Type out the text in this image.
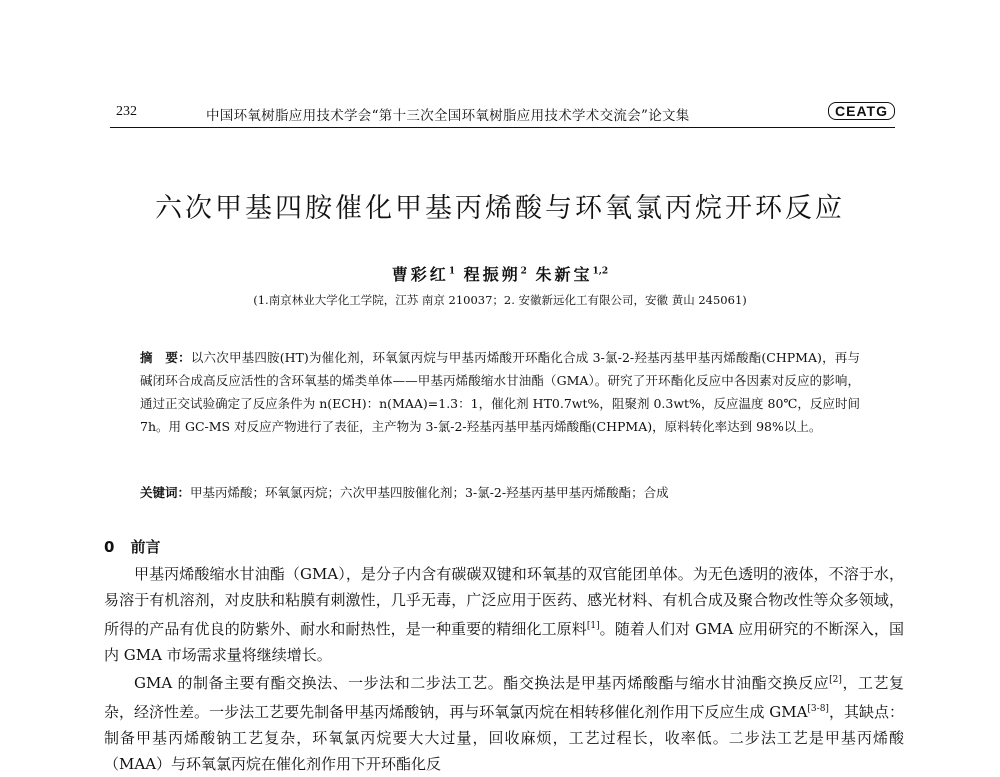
232	中国环氧树脂应用技术学会“第十三次全国环氧树脂应用技术学术交流会”论文集	CEATG
六次甲基四胺催化甲基丙烯酸与环氧氯丙烷开环反应
曹彩红$^1$ 程振朔$^2$ 朱新宝$^{1,2}$
(1.南京林业大学化工学院，江苏 南京 210037；2. 安徽新远化工有限公司，安徽 黄山 245061)
摘　要：以六次甲基四胺(HT)为催化剂，环氧氯丙烷与甲基丙烯酸开环酯化合成 3-氯-2-羟基丙基甲基丙烯酸酯(CHPMA)，再与碱闭环合成高反应活性的含环氧基的烯类单体——甲基丙烯酸缩水甘油酯（GMA）。研究了开环酯化反应中各因素对反应的影响，通过正交试验确定了反应条件为 n(ECH)：n(MAA)=1.3：1，催化剂 HT0.7wt%，阻聚剂 0.3wt%，反应温度 80℃，反应时间 7h。用 GC-MS 对反应产物进行了表征，主产物为 3-氯-2-羟基丙基甲基丙烯酸酯(CHPMA)，原料转化率达到 98%以上。
关键词：甲基丙烯酸；环氧氯丙烷；六次甲基四胺催化剂；3-氯-2-羟基丙基甲基丙烯酸酯；合成
0 前言
甲基丙烯酸缩水甘油酯（GMA），是分子内含有碳碳双键和环氧基的双官能团单体。为无色透明的液体，不溶于水，易溶于有机溶剂，对皮肤和粘膜有刺激性，几乎无毒，广泛应用于医药、感光材料、有机合成及聚合物改性等众多领域，所得的产品有优良的防紫外、耐水和耐热性，是一种重要的精细化工原料[1]。随着人们对 GMA 应用研究的不断深入，国内 GMA 市场需求量将继续增长。
GMA 的制备主要有酯交换法、一步法和二步法工艺。酯交换法是甲基丙烯酸酯与缩水甘油酯交换反应[2]，工艺复杂，经济性差。一步法工艺要先制备甲基丙烯酸钠，再与环氧氯丙烷在相转移催化剂作用下反应生成 GMA[3-8]，其缺点：制备甲基丙烯酸钠工艺复杂，环氧氯丙烷要大大过量，回收麻烦，工艺过程长，收率低。二步法工艺是甲基丙烯酸（MAA）与环氧氯丙烷在催化剂作用下开环酯化反
